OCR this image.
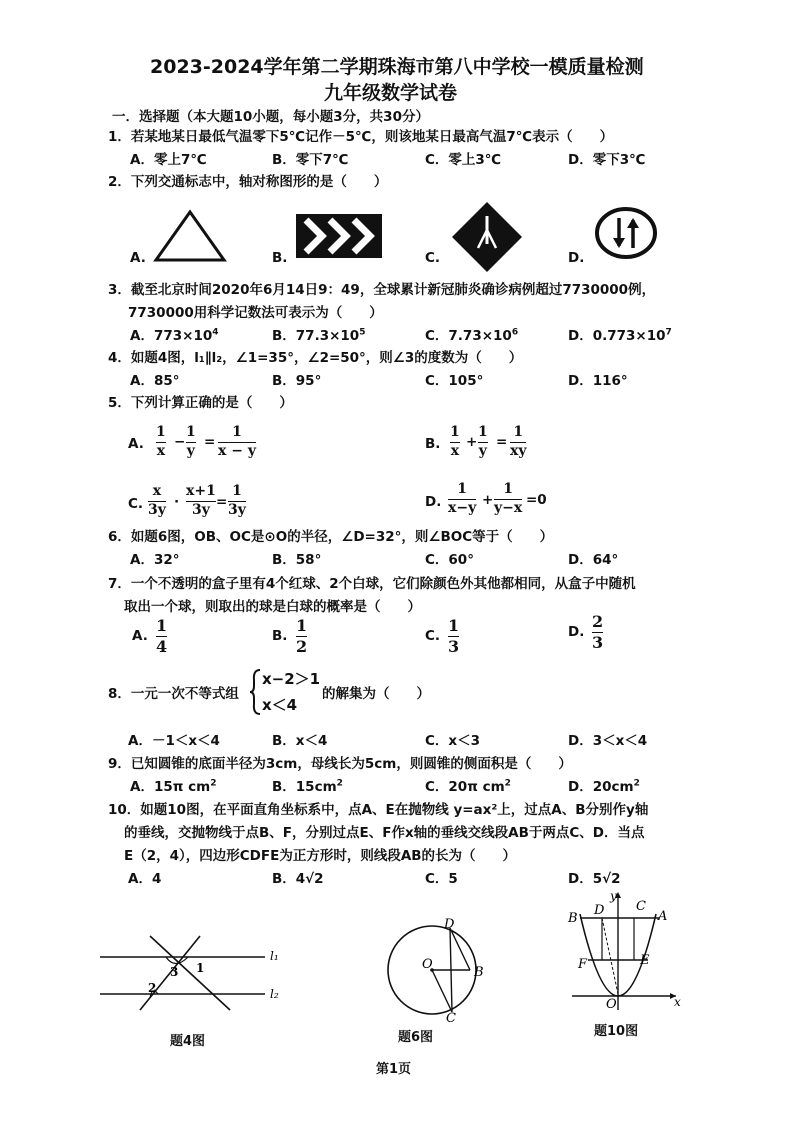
2023-2024学年第二学期珠海市第八中学校一模质量检测
九年级数学试卷
一．选择题（本大题10小题，每小题3分，共30分）
1．若某地某日最低气温零下5℃记作－5℃，则该地某日最高气温7℃表示（　　）
A．零上7℃	B．零下7℃	C．零上3℃	D．零下3℃
2．下列交通标志中，轴对称图形的是（　　）
A.	B.	C.	D.
3．截至北京时间2020年6月14日9：49，全球累计新冠肺炎确诊病例超过7730000例，
7730000用科学记数法可表示为（　　）
A．$773\times 10^4$	B．$77.3\times 10^5$	C．$7.73\times 10^6$	D．$0.773\times 10^7$
4．如题4图，l₁∥l₂，∠1=35°，∠2=50°，则∠3的度数为（　　）
A．85°	B．95°	C．105°	D．116°
5．下列计算正确的是（　　）
A.
1
x
−
1
y
=
1
x − y	B.
1
x
+
1
y
=
1
xy
C.
x
3y ·
x+1
3y =
1
3y	D.
1
x−y +
1
y−x =0
6．如题6图，OB、OC是⊙O的半径，∠D=32°，则∠BOC等于（　　）
A．32°	B．58°	C．60°	D．64°
7．一个不透明的盒子里有4个红球、2个白球，它们除颜色外其他都相同，从盒子中随机
取出一个球，则取出的球是白球的概率是（　　）
A.
1
4
B.
1
2
C.
1
3
D.
2
3
8．一元一次不等式组
x−2＞1
x＜4
的解集为（　　）
A．－1＜x＜4	B．x＜4	C．x＜3	D．3＜x＜4
9．已知圆锥的底面半径为3cm，母线长为5cm，则圆锥的侧面积是（　　）
A．15π $cm^2$	B．$15cm^2$	C．20π $cm^2$	D．$20cm^2$
10．如题10图，在平面直角坐标系中，点A、E在抛物线 y=ax²上，过点A、B分别作y轴
的垂线，交抛物线于点B、F，分别过点E、F作x轴的垂线交线段AB于两点C、D．当点
E（2，4），四边形CDFE为正方形时，则线段AB的长为（　　）
A．4	B．4√2	C．5	D．5√2
3 1
2
l₁
l₂
题4图
D
O
B
C
题6图
y
B
D C
A
F	E
O	x
题10图
第1页
